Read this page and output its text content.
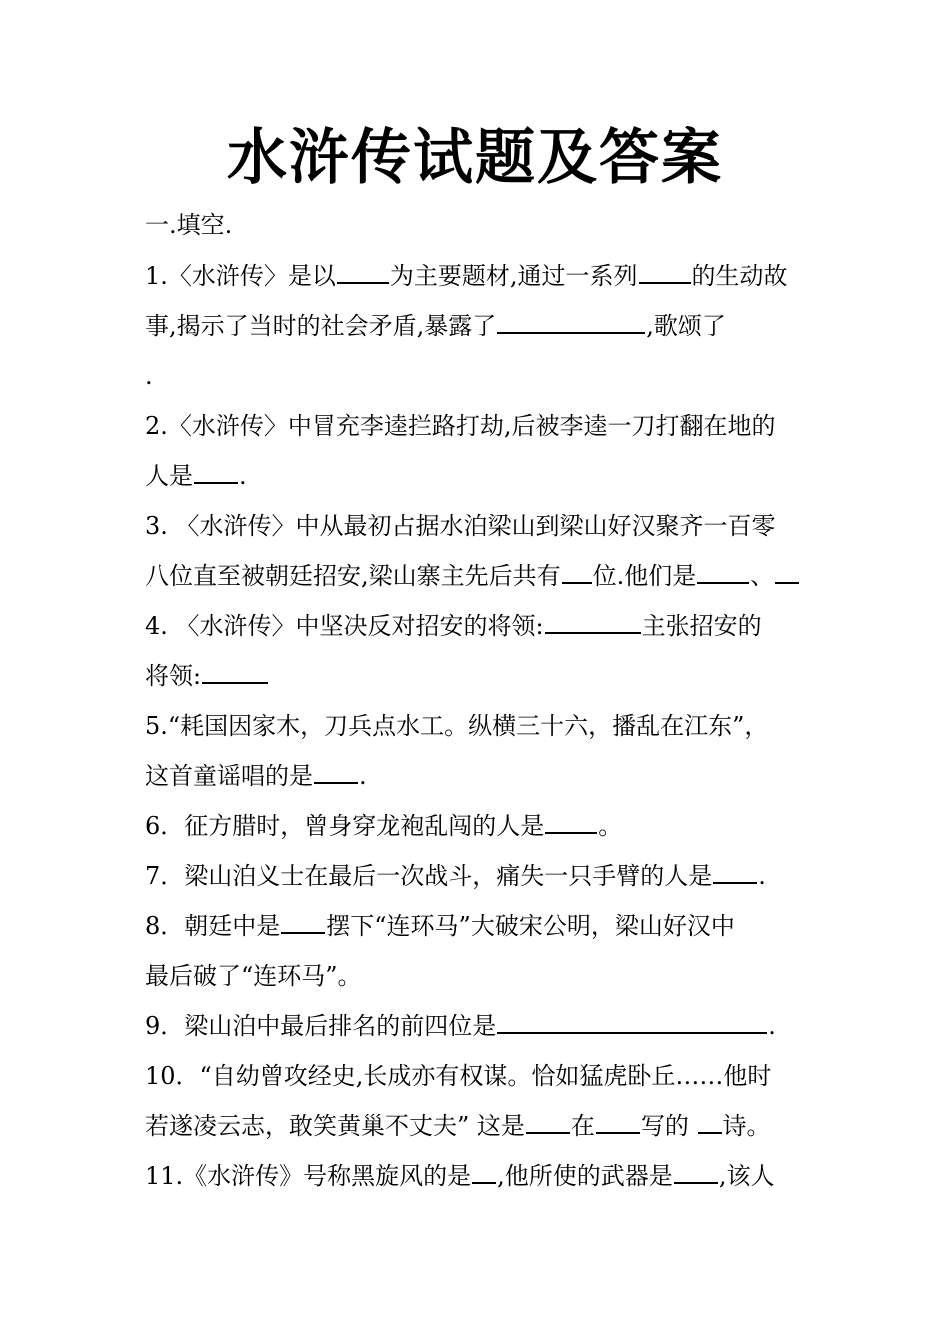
水浒传试题及答案
一.填空.
1.〈水浒传〉是以 为主要题材,通过一系列 的生动故
事,揭示了当时的社会矛盾,暴露了	,歌颂了
.
2.〈水浒传〉中冒充李逵拦路打劫,后被李逵一刀打翻在地的
人是 .
3. 〈水浒传〉中从最初占据水泊梁山到梁山好汉聚齐一百零
八位直至被朝廷招安,梁山寨主先后共有 位.他们是 、
4. 〈水浒传〉中坚决反对招安的将领:	主张招安的
将领:
5.“耗国因家木，刀兵点水工。纵横三十六，播乱在江东”，
这首童谣唱的是 .
6．征方腊时，曾身穿龙袍乱闯的人是 。
7．梁山泊义士在最后一次战斗，痛失一只手臂的人是 .
8．朝廷中是 摆下“连环马”大破宋公明，梁山好汉中
最后破了“连环马”。
9．梁山泊中最后排名的前四位是	.
10．“自幼曾攻经史,长成亦有权谋。恰如猛虎卧丘……他时
若遂凌云志，敢笑黄巢不丈夫” 这是 在 写的 诗。
11.《水浒传》号称黑旋风的是 ,他所使的武器是 ,该人
